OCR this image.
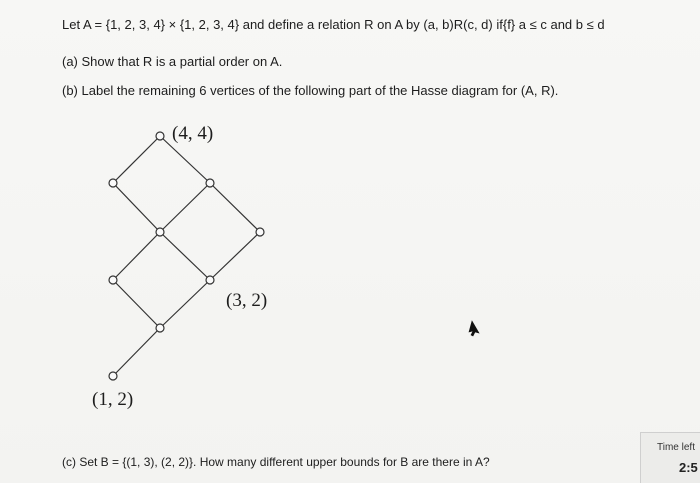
Let A = {1, 2, 3, 4} × {1, 2, 3, 4} and define a relation R on A by (a, b)R(c, d) if{f} a ≤ c and b ≤ d
(a) Show that R is a partial order on A.
(b) Label the remaining 6 vertices of the following part of the Hasse diagram for (A, R).
(4, 4)
(3, 2)
(1, 2)
(c) Set B = {(1, 3), (2, 2)}. How many different upper bounds for B are there in A?
Time left
2:5
